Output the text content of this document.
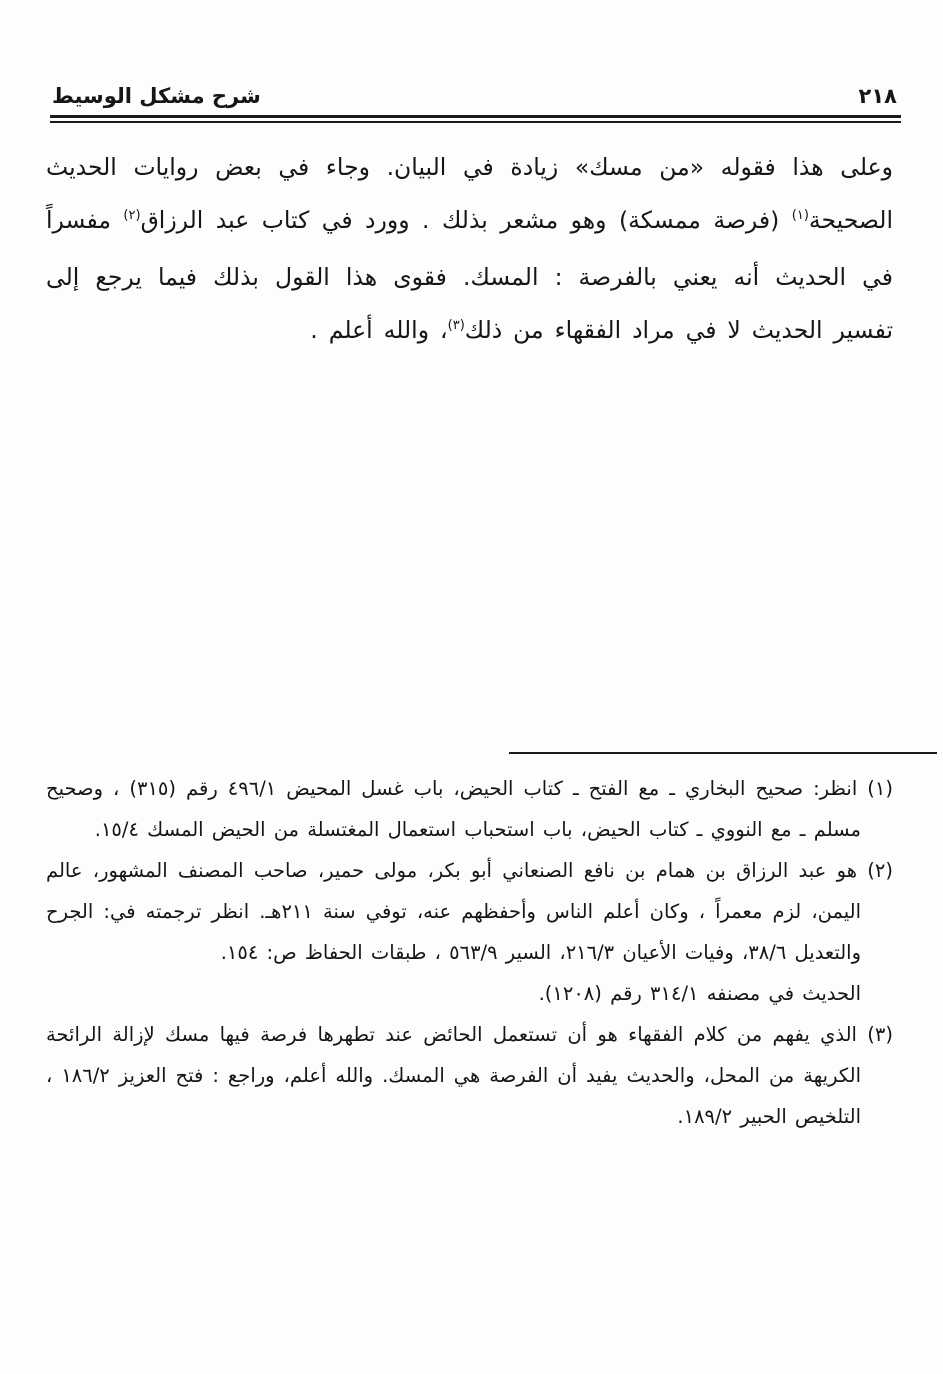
شرح مشكل الوسيط	٢١٨

وعلى هذا فقوله «من مسك» زيادة في البيان. وجاء في بعض روايات الحديث الصحيحة$^{(١)}$ (فرصة ممسكة) وهو مشعر بذلك . وورد في كتاب عبد الرزاق$^{(٢)}$ مفسراً في الحديث أنه يعني بالفرصة : المسك. فقوى هذا القول بذلك فيما يرجع إلى تفسير الحديث لا في مراد الفقهاء من ذلك$^{(٣)}$، والله أعلم .

(١) انظر: صحيح البخاري ـ مع الفتح ـ كتاب الحيض، باب غسل المحيض ٤٩٦/١ رقم (٣١٥) ، وصحيح مسلم ـ مع النووي ـ كتاب الحيض، باب استحباب استعمال المغتسلة من الحيض المسك ١٥/٤.

(٢) هو عبد الرزاق بن همام بن نافع الصنعاني أبو بكر، مولى حمير، صاحب المصنف المشهور، عالم اليمن، لزم معمراً ، وكان أعلم الناس وأحفظهم عنه، توفي سنة ٢١١هـ. انظر ترجمته في: الجرح والتعديل ٣٨/٦، وفيات الأعيان ٢١٦/٣، السير ٥٦٣/٩ ، طبقات الحفاظ ص: ١٥٤.

الحديث في مصنفه ٣١٤/١ رقم (١٢٠٨).

(٣) الذي يفهم من كلام الفقهاء هو أن تستعمل الحائض عند تطهرها فرصة فيها مسك لإزالة الرائحة الكريهة من المحل، والحديث يفيد أن الفرصة هي المسك. والله أعلم، وراجع : فتح العزيز ١٨٦/٢ ، التلخيص الحبير ١٨٩/٢.
